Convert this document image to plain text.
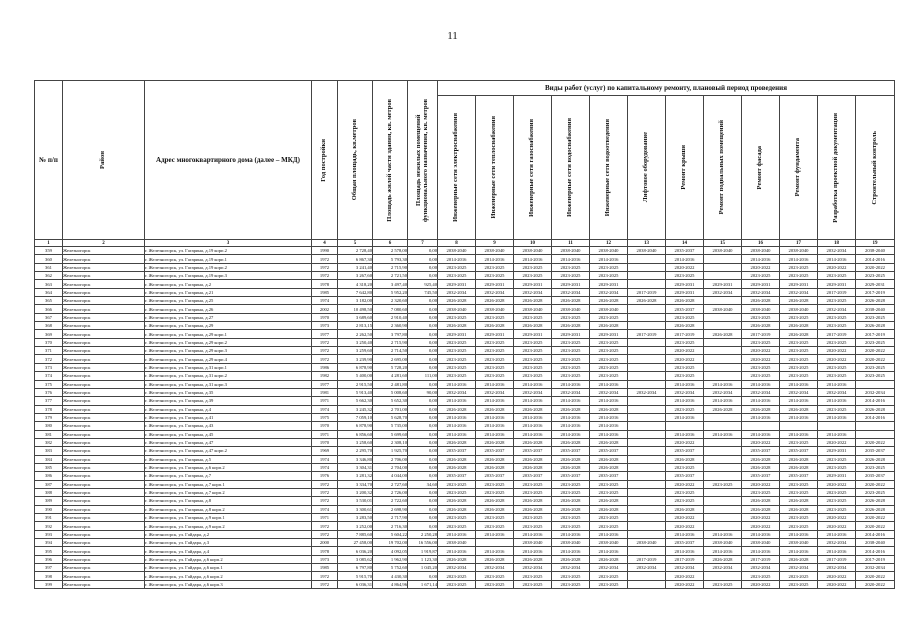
11
№ п/п	Район	Адрес многоквартирного дома (далее – МКД)	Год постройки	Общая площадь, кв.метров	Площадь жилой части здания, кв. метров	Площадь нежилых помещений функционального назначения, кв. метров	Виды работ (услуг) по капитальному ремонту, плановый период проведения											

							Инженерные сети электроснабжения	Инженерные сети теплоснабжения	Инженерные сети газоснабжения	Инженерные сети водоснабжения	Инженерные сети водоотведения	Лифтовое оборудование	Ремонт крыши	Ремонт подвальных помещений	Ремонт фасада	Ремонт фундамента	Разработка проектной документации	Строительный контроль

1	2	3	4	5	6	7	8	9	10	11	12	13	14	15	16	17	18	19
359	Железногорск	г. Железногорск, ул. Гагарина, д.19 корп.2	1990	2 728,40	2 578,00	0,00	2038-2040	2038-2040	2038-2040	2038-2040	2038-2040	2038-2040	2035-2037	2038-2040	2038-2040	2038-2040	2032-2034	2038-2040
360	Железногорск	г. Железногорск, ул. Гагарина, д.19 корп.1	1972	6 867,30	5 793,30	0,00	2014-2016	2014-2016	2014-2016	2014-2016	2014-2016		2014-2016		2014-2016	2014-2016	2014-2016	2014-2016
361	Железногорск	г. Железногорск, ул. Гагарина, д.19 корп.2	1972	3 241,40	2 715,90	0,00	2023-2025	2023-2025	2023-2025	2023-2025	2023-2025		2020-2022		2020-2022	2023-2025	2020-2022	2020-2022
362	Железногорск	г. Железногорск, ул. Гагарина, д.19 корп.3	1972	3 267,60	2 721,50	0,00	2023-2025	2023-2025	2023-2025	2023-2025	2023-2025		2023-2025		2023-2025	2023-2025	2023-2025	2023-2025
363	Железногорск	г. Железногорск, ул. Гагарина, д.2	1978	4 318,20	3 497,40	925,40	2029-2031	2029-2031	2029-2031	2029-2031	2029-2031		2029-2031	2029-2031	2029-2031	2029-2031	2029-2031	2029-2031
364	Железногорск	г. Железногорск, ул. Гагарина, д.21	1985	7 642,80	5 952,20	745,50	2032-2034	2032-2034	2032-2034	2032-2034	2032-2034	2017-2019	2029-2031	2032-2034	2032-2034	2032-2034	2017-2019	2017-2019
365	Железногорск	г. Железногорск, ул. Гагарина, д.25	1974	3 182,00	2 320,60	0,00	2026-2028	2026-2028	2026-2028	2026-2028	2026-2028	2026-2028	2026-2028		2026-2028	2026-2028	2023-2025	2026-2028
366	Железногорск	г. Железногорск, ул. Гагарина, д.26	2002	10 498,50	7 080,60	0,00	2038-2040	2038-2040	2038-2040	2038-2040	2038-2040		2035-2037	2038-2040	2038-2040	2038-2040	2032-2034	2038-2040
367	Железногорск	г. Железногорск, ул. Гагарина, д.27	1970	3 689,60	2 910,40	0,00	2023-2025	2023-2025	2023-2025	2023-2025	2023-2025		2023-2025		2023-2025	2023-2025	2023-2025	2023-2025
368	Железногорск	г. Железногорск, ул. Гагарина, д.29	1973	2 813,15	2 360,90	0,00	2026-2028	2026-2028	2026-2028	2026-2028	2026-2028		2026-2028		2026-2028	2026-2028	2023-2025	2026-2028
369	Железногорск	г. Железногорск, ул. Гагарина, д.29 корп.1	1977	2 262,50	3 797,80	0,00	2029-2031	2029-2031	2029-2031	2029-2031	2029-2031	2017-2019	2017-2019	2026-2028	2017-2019	2026-2028	2017-2019	2017-2019
370	Железногорск	г. Железногорск, ул. Гагарина, д.29 корп.2	1972	3 250,40	2 715,90	0,00	2023-2025	2023-2025	2023-2025	2023-2025	2023-2025		2023-2025		2023-2025	2023-2025	2023-2025	2023-2025
371	Железногорск	г. Железногорск, ул. Гагарина, д.29 корп.3	1972	3 259,60	2 714,50	0,00	2023-2025	2023-2025	2023-2025	2023-2025	2023-2025		2020-2022		2020-2022	2023-2025	2020-2022	2020-2022
372	Железногорск	г. Железногорск, ул. Гагарина, д.29 корп.4	1972	3 239,90	2 695,00	0,00	2023-2025	2023-2025	2023-2025	2023-2025	2023-2025		2020-2022		2020-2022	2023-2025	2020-2022	2020-2022
373	Железногорск	г. Железногорск, ул. Гагарина, д.31 корп.1	1986	6 878,90	5 728,20	0,00	2023-2025	2023-2025	2023-2025	2023-2025	2023-2025		2023-2025		2023-2025	2023-2025	2023-2025	2023-2025
374	Железногорск	г. Железногорск, ул. Гагарина, д.31 корп.2	1982	5 400,00	4 281,60	111,00	2023-2025	2023-2025	2023-2025	2023-2025	2023-2025		2023-2025		2023-2025	2023-2025	2023-2025	2023-2025
375	Железногорск	г. Железногорск, ул. Гагарина, д.31 корп.3	1977	2 915,50	2 481,80	0,00	2014-2016	2014-2016	2014-2016	2014-2016	2014-2016		2014-2016	2014-2016	2014-2016	2014-2016	2014-2016	
376	Железногорск	г. Железногорск, ул. Гагарина, д.35	1981	5 913,40	5 008,60	90,00	2032-2034	2032-2034	2032-2034	2032-2034	2032-2034	2032-2034	2032-2034	2032-2034	2032-2034	2032-2034	2032-2034	2032-2034
377	Железногорск	г. Железногорск, ул. Гагарина, д.39	1971	5 662,30	5 652,30	0,00	2014-2016	2014-2016	2014-2016	2014-2016	2014-2016		2014-2016	2014-2016	2014-2016	2014-2016	2014-2016	2014-2016
378	Железногорск	г. Железногорск, ул. Гагарина, д.4	1974	3 245,32	2 701,00	0,00	2026-2028	2026-2028	2026-2028	2026-2028	2026-2028		2023-2025	2026-2028	2026-2028	2026-2028	2023-2025	2026-2028
379	Железногорск	г. Железногорск, ул. Гагарина, д.41	1975	7 059,10	5 628,70	0,00	2014-2016	2014-2016	2014-2016	2014-2016	2014-2016		2014-2016		2014-2016	2014-2016	2014-2016	2014-2016
380	Железногорск	г. Железногорск, ул. Гагарина, д.43	1970	6 878,90	5 735,00	0,00	2014-2016	2014-2016	2014-2016	2014-2016	2014-2016							
381	Железногорск	г. Железногорск, ул. Гагарина, д.45	1971	6 856,60	5 699,60	0,00	2014-2016	2014-2016	2014-2016	2014-2016	2014-2016		2014-2016	2014-2016	2014-2016	2014-2016	2014-2016	
382	Железногорск	г. Железногорск, ул. Гагарина, д.47	1970	3 258,60	2 308,10	0,00	2026-2028	2026-2028	2026-2028	2026-2028	2026-2028		2020-2022		2020-2022	2023-2025	2020-2022	2020-2022
383	Железногорск	г. Железногорск, ул. Гагарина, д.47 корп.2	1969	2 295,70	1 925,70	0,00	2035-2037	2035-2037	2035-2037	2035-2037	2035-2037		2035-2037		2035-2037	2035-2037	2029-2031	2035-2037
384	Железногорск	г. Железногорск, ул. Гагарина, д.5	1974	3 346,80	2 706,00	0,00	2026-2028	2026-2028	2026-2028	2026-2028	2026-2028		2026-2028		2026-2028	2026-2028	2023-2025	2026-2028
385	Железногорск	г. Железногорск, ул. Гагарина, д.6 корп.2	1974	3 304,31	2 704,00	0,00	2026-2028	2026-2028	2026-2028	2026-2028	2026-2028		2023-2025		2026-2028	2026-2028	2023-2025	2023-2025
386	Железногорск	г. Железногорск, ул. Гагарина, д.7	1976	3 281,32	4 044,00	0,00	2035-2037	2035-2037	2035-2037	2035-2037	2035-2037		2035-2037		2035-2037	2035-2037	2029-2031	2035-2037
387	Железногорск	г. Железногорск, ул. Гагарина, д.7 корп.1	1972	3 334,70	2 727,60	34,60	2023-2025	2023-2025	2023-2025	2023-2025	2023-2025		2020-2022	2023-2025	2020-2022	2023-2025	2020-2022	2020-2022
388	Железногорск	г. Железногорск, ул. Гагарина, д.7 корп.2	1972	3 200,32	2 726,00	0,00	2023-2025	2023-2025	2023-2025	2023-2025	2023-2025		2023-2025		2023-2025	2023-2025	2023-2025	2023-2025
389	Железногорск	г. Железногорск, ул. Гагарина, д.8	1972	3 530,01	2 722,60	0,00	2026-2028	2026-2028	2026-2028	2026-2028	2026-2028		2023-2025		2026-2028	2026-2028	2023-2025	2026-2028
390	Железногорск	г. Железногорск, ул. Гагарина, д.8 корп.2	1974	3 300,61	2 698,90	0,00	2026-2028	2026-2028	2026-2028	2026-2028	2026-2028		2026-2028		2026-2028	2026-2028	2023-2025	2026-2028
391	Железногорск	г. Железногорск, ул. Гагарина, д.9 корп.1	1971	3 283,50	2 717,90	0,00	2023-2025	2023-2025	2023-2025	2023-2025	2023-2025		2020-2022		2020-2022	2023-2025	2020-2022	2020-2022
392	Железногорск	г. Железногорск, ул. Гагарина, д.9 корп.2	1972	3 252,00	2 716,30	0,00	2023-2025	2023-2025	2023-2025	2023-2025	2023-2025		2020-2022		2020-2022	2023-2025	2020-2022	2020-2022
393	Железногорск	г. Железногорск, ул. Гайдара, д.2	1972	7 885,60	5 604,22	2 250,28	2014-2016	2014-2016	2014-2016	2014-2016	2014-2016		2014-2016	2014-2016	2014-2016	2014-2016	2014-2016	2014-2016
394	Железногорск	г. Железногорск, ул. Гайдара, д.3	2000	27 458,00	19 702,00	16 556,00	2038-2040		2038-2040	2038-2040	2038-2040	2038-2040	2035-2037	2038-2040	2038-2040	2038-2040	2032-2034	2038-2040
395	Железногорск	г. Железногорск, ул. Гайдара, д.4	1978	6 036,20	4 092,05	1 919,87	2014-2016	2014-2016	2014-2016	2014-2016	2014-2016		2014-2016	2014-2016	2014-2016	2014-2016	2014-2016	2014-2016
396	Железногорск	г. Железногорск, ул. Гайдара, д.6 корп.2	1973	3 085,62	1 962,90	1 123,30	2026-2028	2026-2028	2026-2028	2026-2028	2026-2028	2017-2019	2017-2019	2026-2028	2017-2019	2026-2028	2017-2019	2017-2019
397	Железногорск	г. Железногорск, ул. Гайдара, д.6 корп.1	1985	6 797,80	5 752,60	1 045,20	2032-2034	2032-2034	2032-2034	2032-2034	2032-2034	2032-2034	2032-2034	2032-2034	2032-2034	2032-2034	2032-2034	2032-2034
398	Железногорск	г. Железногорск, ул. Гайдара, д.6 корп.2	1972	5 915,70	4 430,30	0,00	2023-2025	2023-2025	2023-2025	2023-2025	2023-2025		2020-2022		2023-2025	2023-2025	2020-2022	2020-2022
399	Железногорск	г. Железногорск, ул. Гайдара, д.6 корп.3	1972	6 036,31	4 864,96	1 671,14	2023-2025	2023-2025	2023-2025	2023-2025	2023-2025		2020-2022	2023-2025	2020-2022	2023-2025	2020-2022	2020-2022
